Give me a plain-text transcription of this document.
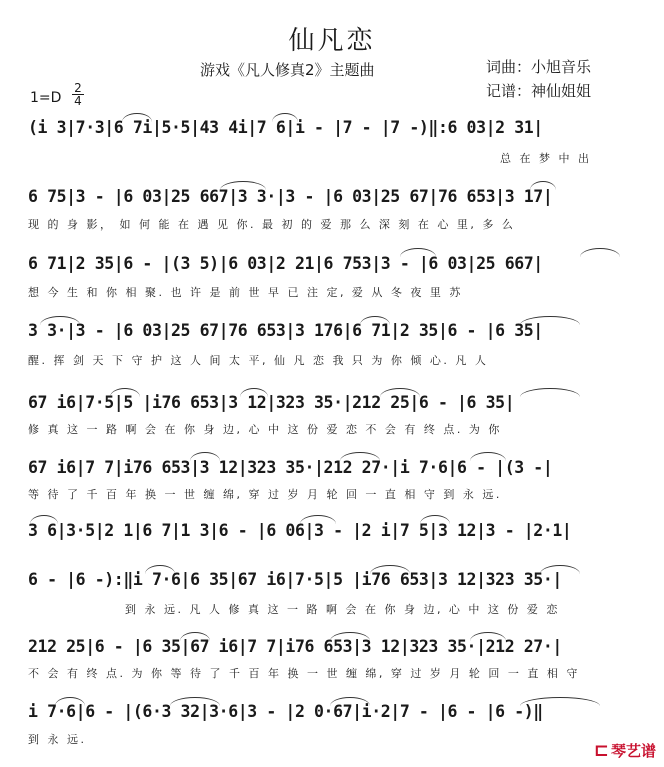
仙凡恋
游戏《凡人修真2》主题曲	词曲：小旭音乐
记谱：神仙姐姐
$1=D \frac{2}{4}$
(i 3|7·3|6 7i|5·5|43 4i|7 6|i - |7 - |7 -)‖:6 03|2 31|
总 在 梦 中 出
6 75|3 - |6 03|25 667|3 3·|3 - |6 03|25 67|76 653|3 17|
现 的 身 影， 如 何 能 在 遇 见 你. 最 初 的 爱 那 么 深 刻 在 心 里, 多 么
6 71|2 35|6 - |(3 5)|6 03|2 21|6 753|3 - |6 03|25 667|
想 今 生 和 你 相 聚. 也 许 是 前 世 早 已 注 定, 爱 从 冬 夜 里 苏
3 3·|3 - |6 03|25 67|76 653|3 176|6 71|2 35|6 - |6 35|
醒. 挥 剑 天 下 守 护 这 人 间 太 平, 仙 凡 恋 我 只 为 你 倾 心. 凡 人
67 i6|7·5|5 |i76 653|3 12|323 35·|212 25|6 - |6 35|
修 真 这 一 路 啊 会 在 你 身 边, 心 中 这 份 爱 恋 不 会 有 终 点. 为 你
67 i6|7 7|i76 653|3 12|323 35·|212 27·|i 7·6|6 - |(3 -|
等 待 了 千 百 年 换 一 世 缠 绵, 穿 过 岁 月 轮 回 一 直 相 守 到 永 远.
3 6|3·5|2 1|6 7|1 3|6 - |6 06|3 - |2 i|7 5|3 12|3 - |2·1|
6 - |6 -):‖i 7·6|6 35|67 i6|7·5|5 |i76 653|3 12|323 35·|
到 永 远. 凡 人 修 真 这 一 路 啊 会 在 你 身 边, 心 中 这 份 爱 恋
212 25|6 - |6 35|67 i6|7 7|i76 653|3 12|323 35·|212 27·|
不 会 有 终 点. 为 你 等 待 了 千 百 年 换 一 世 缠 绵, 穿 过 岁 月 轮 回 一 直 相 守
i 7·6|6 - |(6·3 32|3·6|3 - |2 0·67|i·2|7 - |6 - |6 -)‖
到 永 远.
⊏ 琴艺谱
